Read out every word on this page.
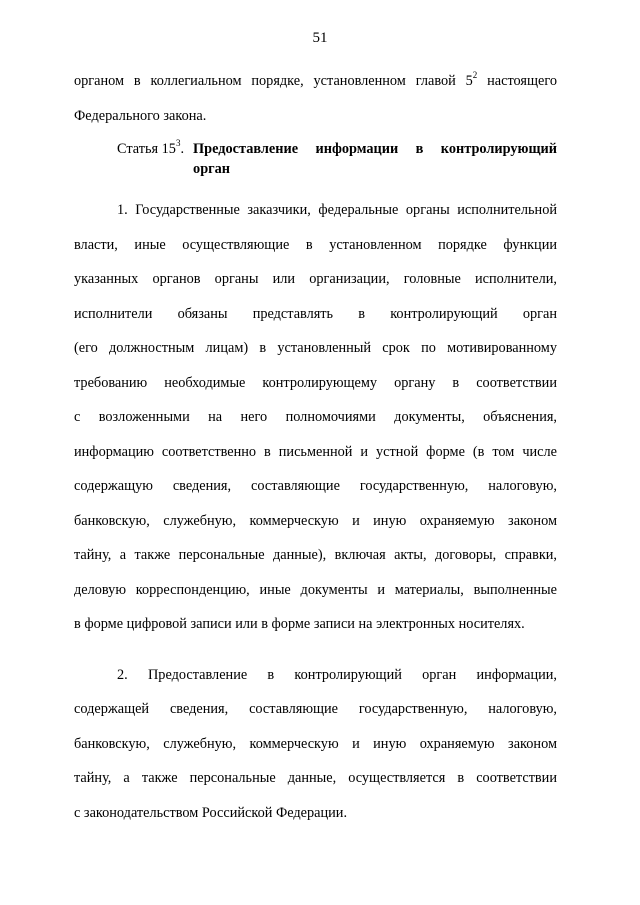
51
органом в коллегиальном порядке, установленном главой $5^2$ настоящего
Федерального закона.
Статья $15^3$. Предоставление информации в контролирующий
орган
1. Государственные заказчики, федеральные органы исполнительной
власти, иные осуществляющие в установленном порядке функции
указанных органов органы или организации, головные исполнители,
исполнители обязаны представлять в контролирующий орган
(его должностным лицам) в установленный срок по мотивированному
требованию необходимые контролирующему органу в соответствии
с возложенными на него полномочиями документы, объяснения,
информацию соответственно в письменной и устной форме (в том числе
содержащую сведения, составляющие государственную, налоговую,
банковскую, служебную, коммерческую и иную охраняемую законом
тайну, а также персональные данные), включая акты, договоры, справки,
деловую корреспонденцию, иные документы и материалы, выполненные
в форме цифровой записи или в форме записи на электронных носителях.
2. Предоставление в контролирующий орган информации,
содержащей сведения, составляющие государственную, налоговую,
банковскую, служебную, коммерческую и иную охраняемую законом
тайну, а также персональные данные, осуществляется в соответствии
с законодательством Российской Федерации.
